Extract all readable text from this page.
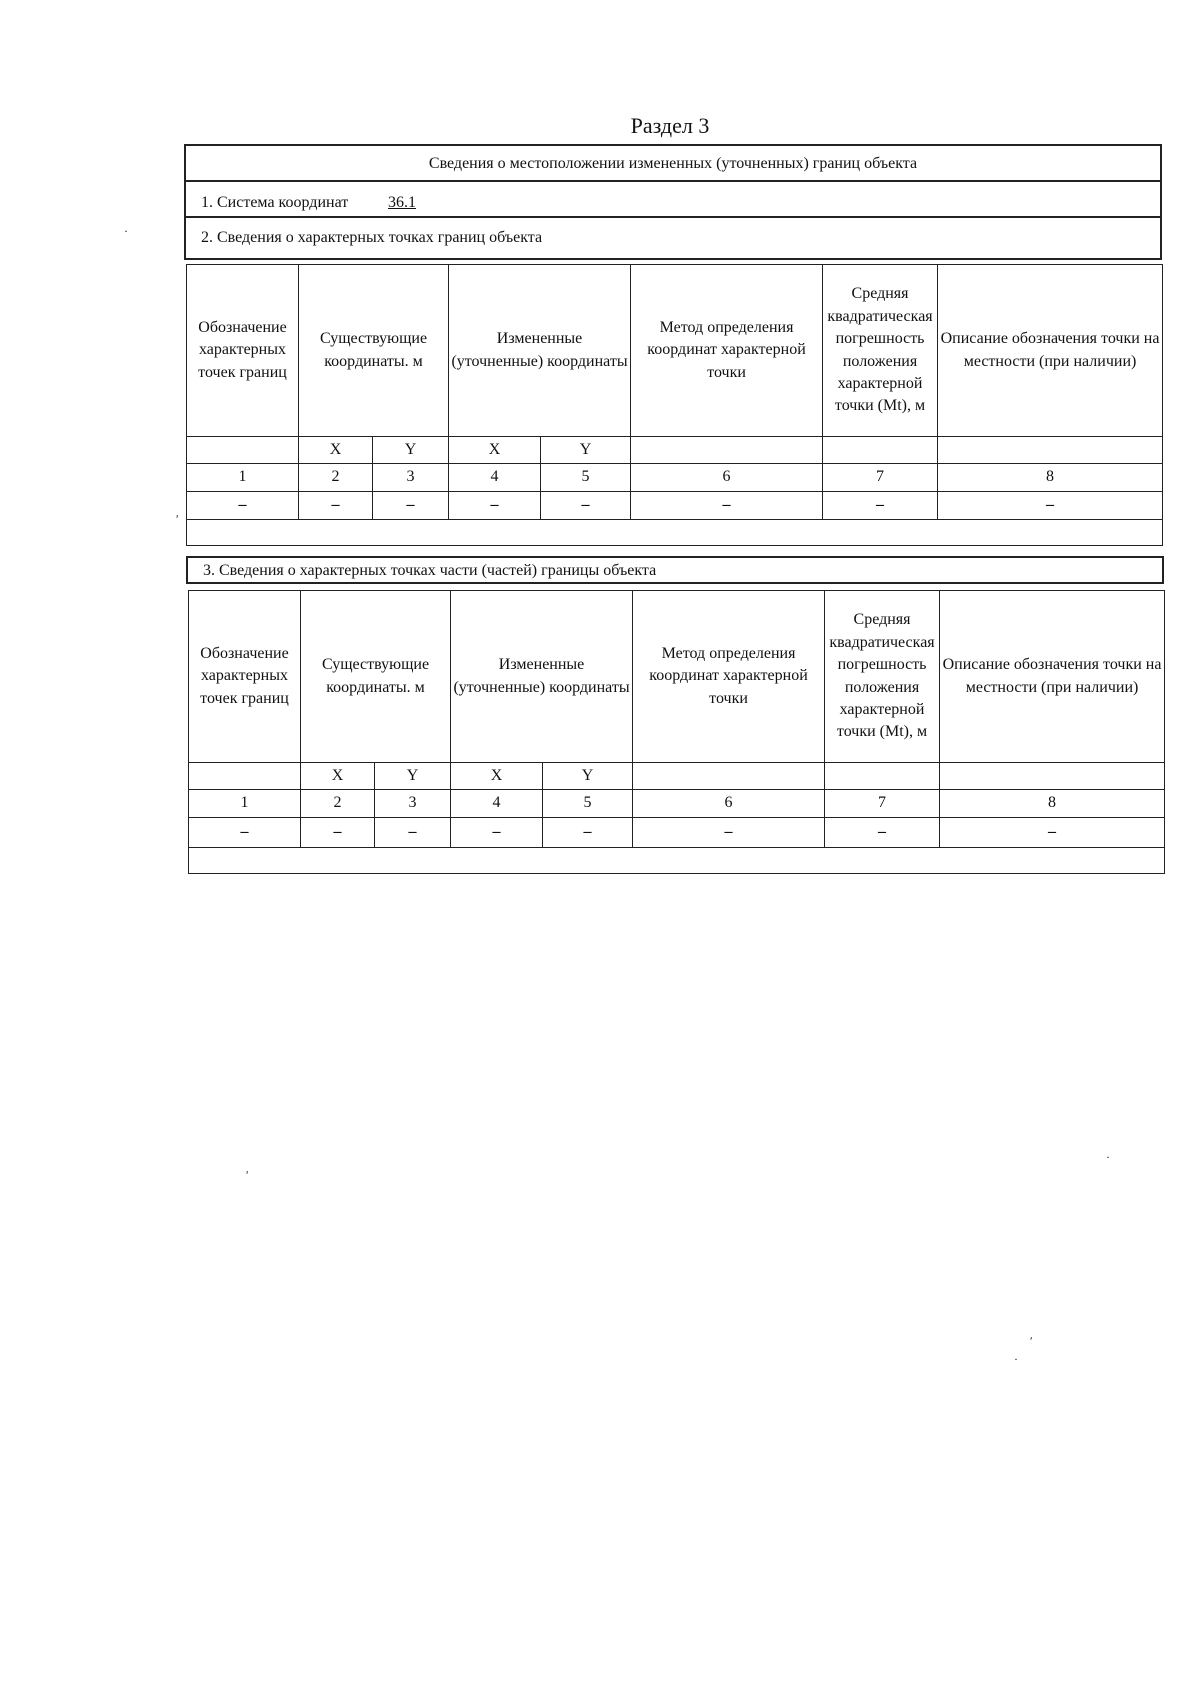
Раздел 3
Сведения о местоположении измененных (уточненных) границ объекта
1. Система координат 36.1
2. Сведения о характерных точках границ объекта
Обозначение характерных точек границ	Существующие координаты. м		Измененные (уточненные) координаты		Метод определения координат характерной точки	Средняя квадратическая погрешность положения характерной точки (Mt), м	Описание обозначения точки на местности (при наличии)
	X	Y	X	Y			
1	2	3	4	5	6	7	8
–	–	–	–	–	–	–	–

3. Сведения о характерных точках части (частей) границы объекта
Обозначение характерных точек границ	Существующие координаты. м		Измененные (уточненные) координаты		Метод определения координат характерной точки	Средняя квадратическая погрешность положения характерной точки (Mt), м	Описание обозначения точки на местности (при наличии)
	X	Y	X	Y			
1	2	3	4	5	6	7	8
–	–	–	–	–	–	–	–

·
ʹ
ʹ
·
ʹ
·
